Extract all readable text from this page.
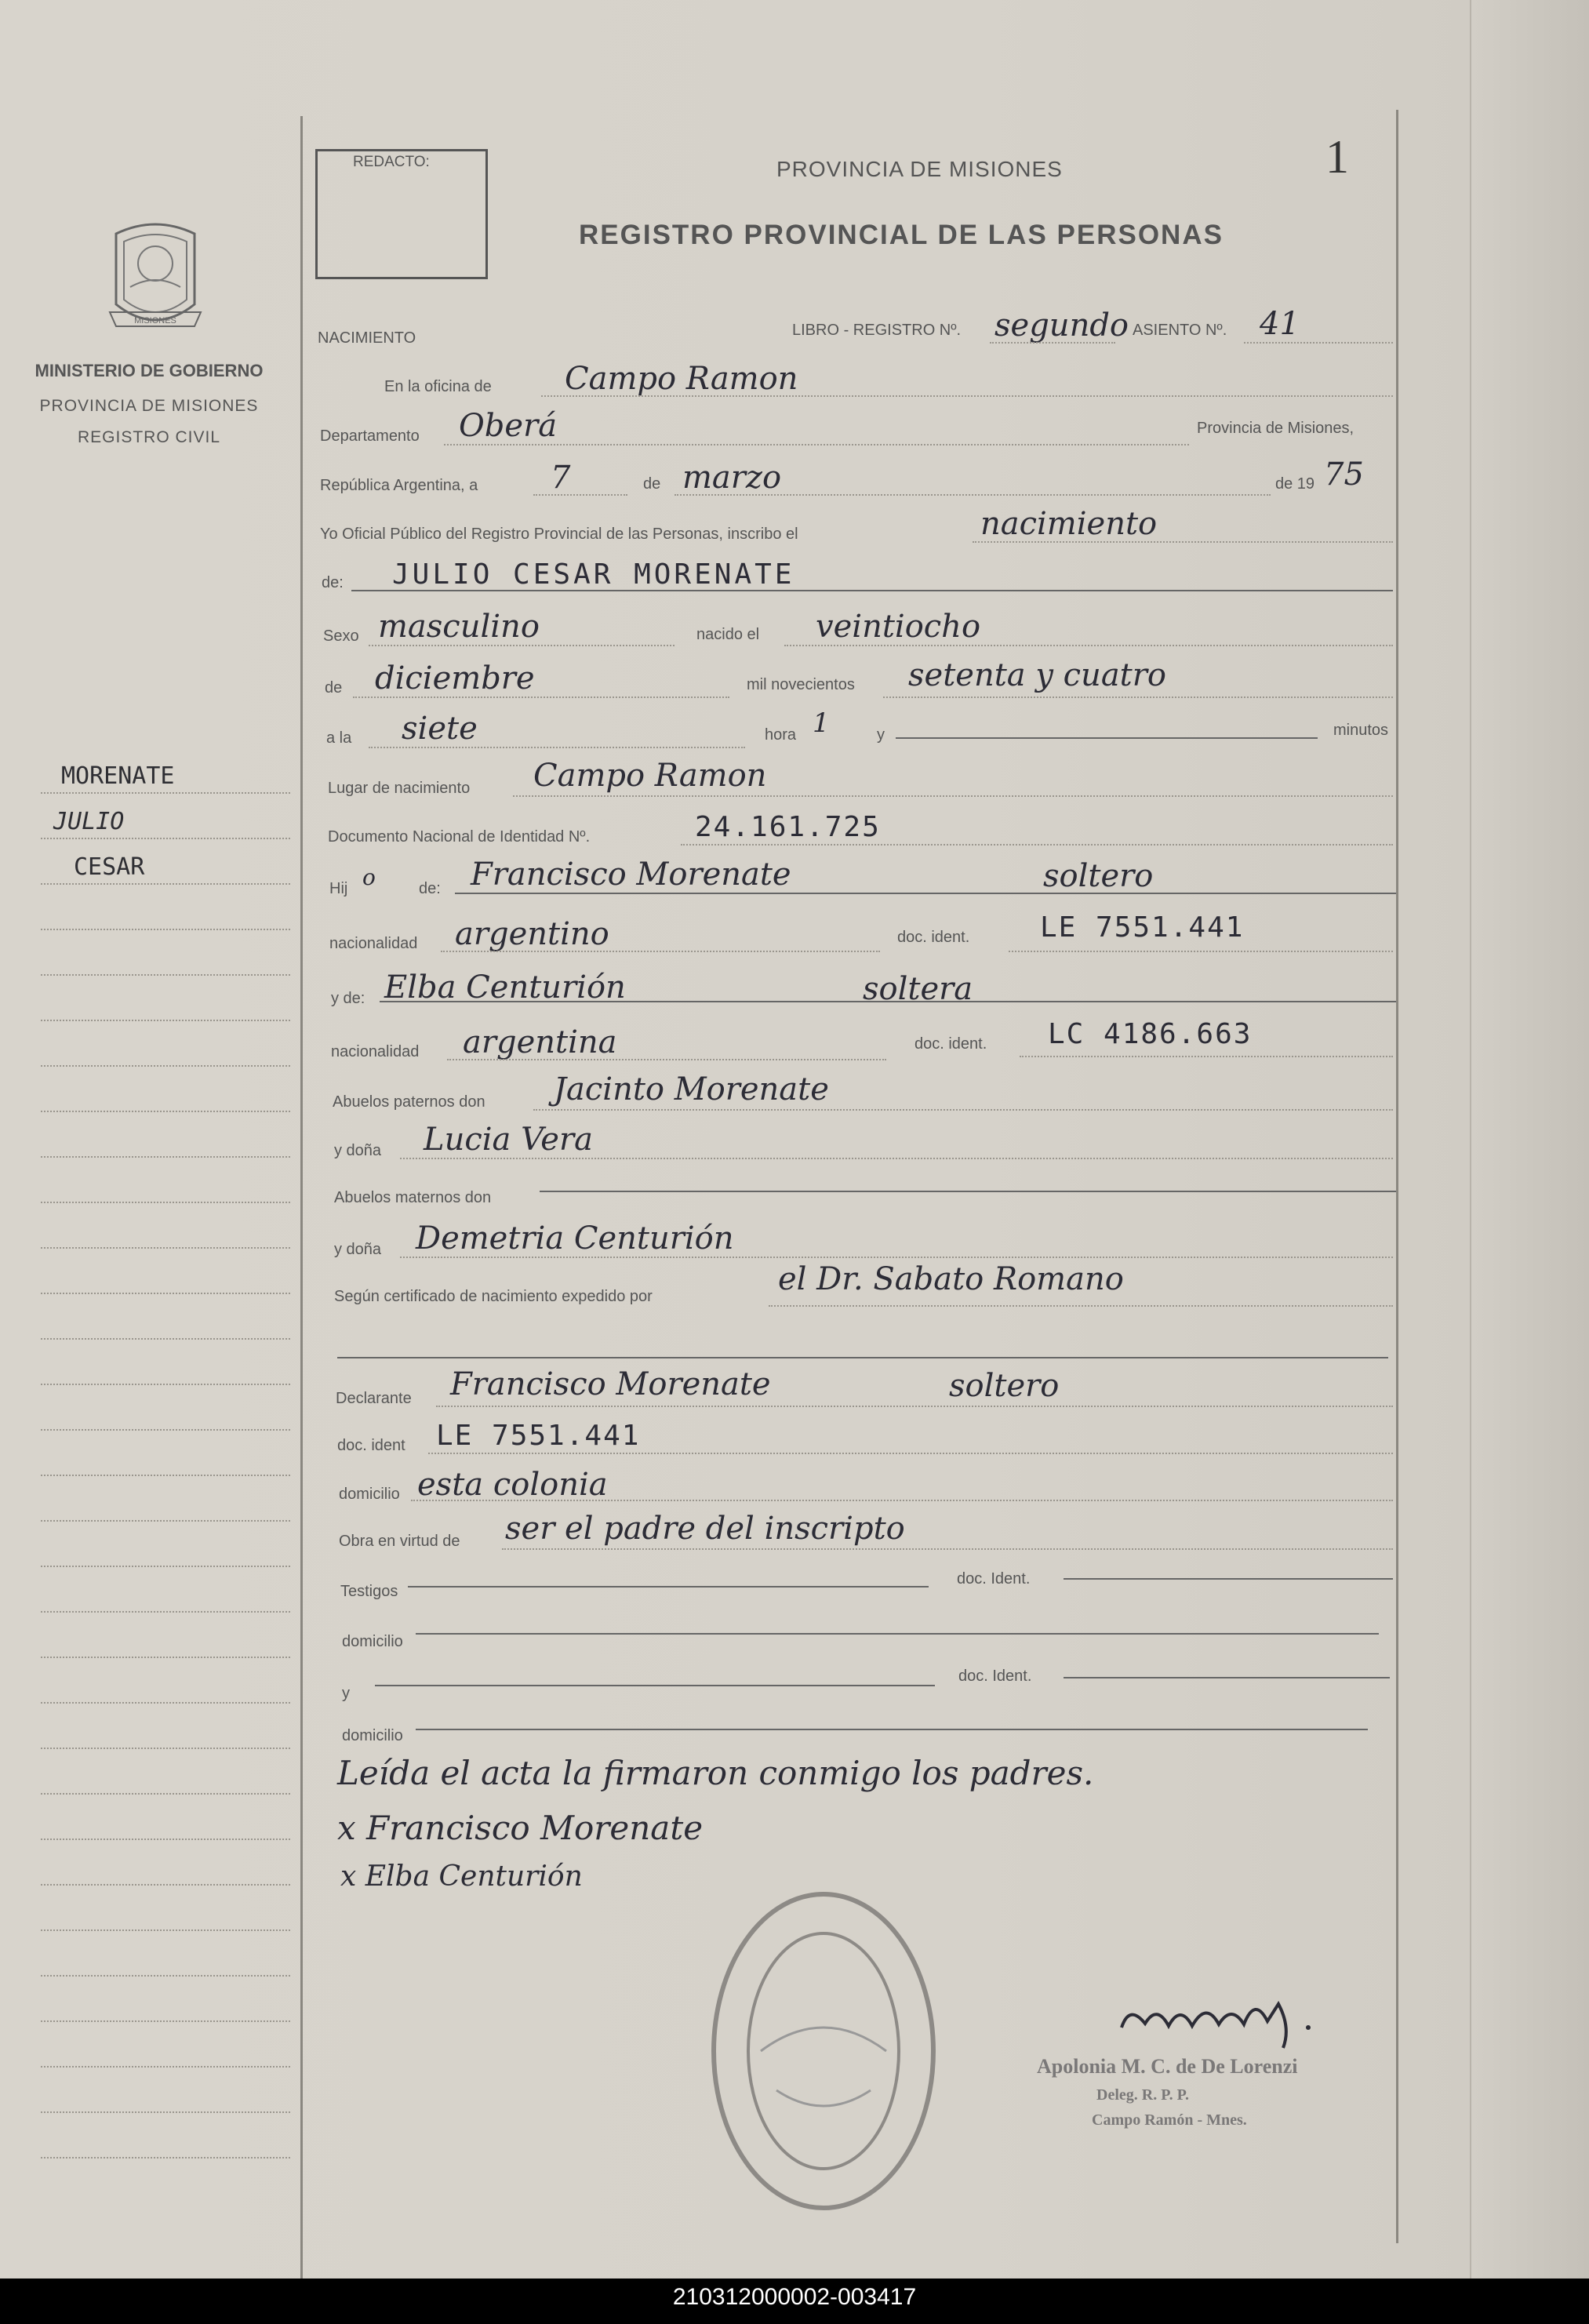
REDACTO:	PROVINCIA DE MISIONES
REGISTRO PROVINCIAL DE LAS PERSONAS
1
MISIONES
MINISTERIO DE GOBIERNO
PROVINCIA DE MISIONES
REGISTRO CIVIL
MORENATE
JULIO
CESAR
NACIMIENTO	LIBRO - REGISTRO Nº. segundo ASIENTO Nº. 41
En la oficina de Campo Ramon
Departamento Oberá	Provincia de Misiones,
República Argentina, a 7	de marzo	de 19 75
Yo Oficial Público del Registro Provincial de las Personas, inscribo el	nacimiento
de: JULIO CESAR MORENATE
Sexo masculino	nacido el veintiocho
de diciembre	mil novecientos setenta y cuatro
a la siete	hora 1	y	minutos
Lugar de nacimiento Campo Ramon
Documento Nacional de Identidad Nº.	24.161.725
Hij o	de: Francisco Morenate	soltero
nacionalidad argentino	doc. ident. LE 7551.441
y de: Elba Centurión	soltera
nacionalidad argentina	doc. ident. LC 4186.663
Abuelos paternos don Jacinto Morenate
y doña Lucia Vera
Abuelos maternos don
y doña Demetria Centurión
Según certificado de nacimiento expedido por	el Dr. Sabato Romano
Declarante Francisco Morenate	soltero
doc. ident LE 7551.441
domicilio esta colonia
Obra en virtud de ser el padre del inscripto
Testigos
doc. Ident.
domicilio
y
doc. Ident.
domicilio
Leída el acta la firmaron conmigo los padres.
x Francisco Morenate
x Elba Centurión
Apolonia M. C. de De Lorenzi
Deleg. R. P. P.
Campo Ramón - Mnes.
210312000002-003417
